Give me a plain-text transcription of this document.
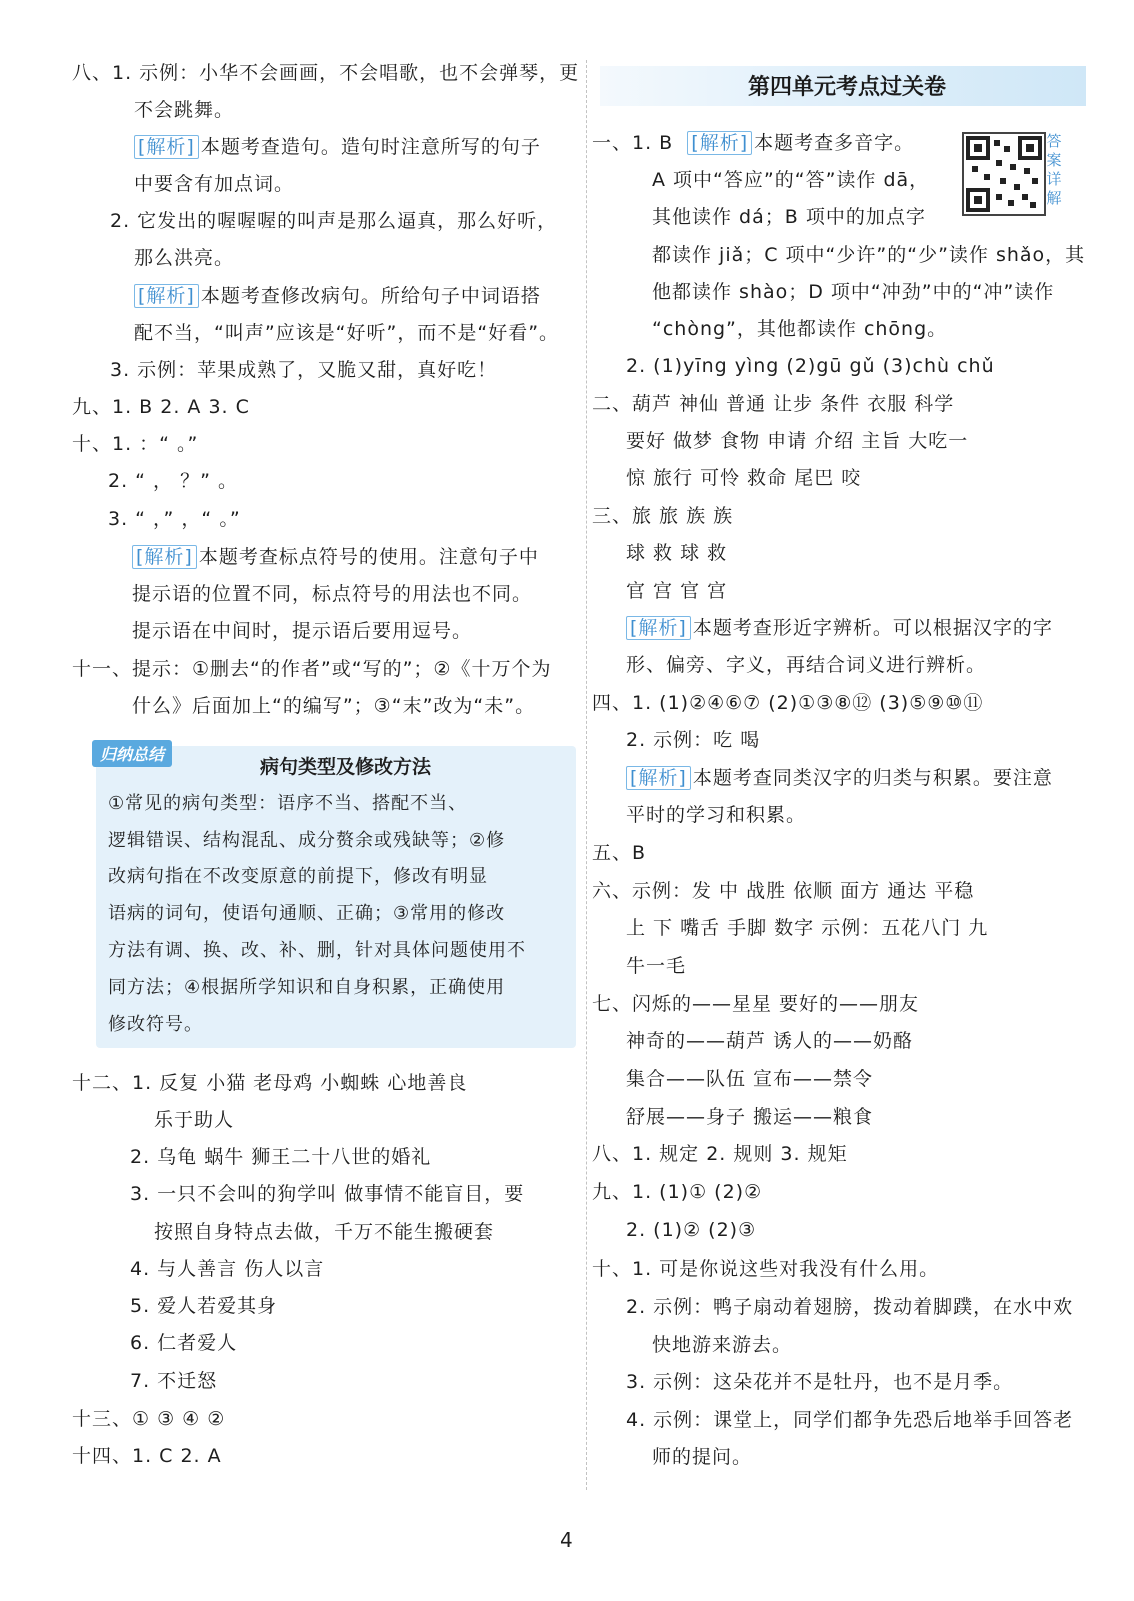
八、1. 示例：小华不会画画，不会唱歌，也不会弹琴，更
不会跳舞。
[解析] 本题考查造句。造句时注意所写的句子
中要含有加点词。
2. 它发出的喔喔喔的叫声是那么逼真，那么好听，
那么洪亮。
[解析] 本题考查修改病句。所给句子中词语搭
配不当，“叫声”应该是“好听”，而不是“好看”。
3. 示例：苹果成熟了，又脆又甜，真好吃！
九、1. B 2. A 3. C
十、1. ：“ 。”
2. “ ， ？” 。
3. “ ，” ，“ 。”
[解析] 本题考查标点符号的使用。注意句子中
提示语的位置不同，标点符号的用法也不同。
提示语在中间时，提示语后要用逗号。
十一、提示：①删去“的作者”或“写的”；②《十万个为
什么》后面加上“的编写”；③“末”改为“未”。
归纳总结
病句类型及修改方法
①常见的病句类型：语序不当、搭配不当、
逻辑错误、结构混乱、成分赘余或残缺等；②修
改病句指在不改变原意的前提下，修改有明显
语病的词句，使语句通顺、正确；③常用的修改
方法有调、换、改、补、删，针对具体问题使用不
同方法；④根据所学知识和自身积累，正确使用
修改符号。
十二、1. 反复 小猫 老母鸡 小蜘蛛 心地善良
乐于助人
2. 乌龟 蜗牛 狮王二十八世的婚礼
3. 一只不会叫的狗学叫 做事情不能盲目，要
按照自身特点去做，千万不能生搬硬套
4. 与人善言 伤人以言
5. 爱人若爱其身
6. 仁者爱人
7. 不迁怒
十三、① ③ ④ ②
十四、1. C 2. A
第四单元考点过关卷
答案详解
一、1. B [解析] 本题考查多音字。
A 项中“答应”的“答”读作 dā，
其他读作 dá；B 项中的加点字
都读作 jiǎ；C 项中“少许”的“少”读作 shǎo，其
他都读作 shào；D 项中“冲劲”中的“冲”读作
“chòng”，其他都读作 chōng。
2. (1)yīng yìng (2)gū gǔ (3)chù chǔ
二、葫芦 神仙 普通 让步 条件 衣服 科学
要好 做梦 食物 申请 介绍 主旨 大吃一
惊 旅行 可怜 救命 尾巴 咬
三、旅 旅 族 族
球 救 球 救
官 宫 官 宫
[解析] 本题考查形近字辨析。可以根据汉字的字
形、偏旁、字义，再结合词义进行辨析。
四、1. (1)②④⑥⑦ (2)①③⑧⑫ (3)⑤⑨⑩⑪
2. 示例：吃 喝
[解析] 本题考查同类汉字的归类与积累。要注意
平时的学习和积累。
五、B
六、示例：发 中 战胜 依顺 面方 通达 平稳
上 下 嘴舌 手脚 数字 示例：五花八门 九
牛一毛
七、闪烁的——星星 要好的——朋友
神奇的——葫芦 诱人的——奶酪
集合——队伍 宣布——禁令
舒展——身子 搬运——粮食
八、1. 规定 2. 规则 3. 规矩
九、1. (1)① (2)②
2. (1)② (2)③
十、1. 可是你说这些对我没有什么用。
2. 示例：鸭子扇动着翅膀，拨动着脚蹼，在水中欢
快地游来游去。
3. 示例：这朵花并不是牡丹，也不是月季。
4. 示例：课堂上，同学们都争先恐后地举手回答老
师的提问。
4
